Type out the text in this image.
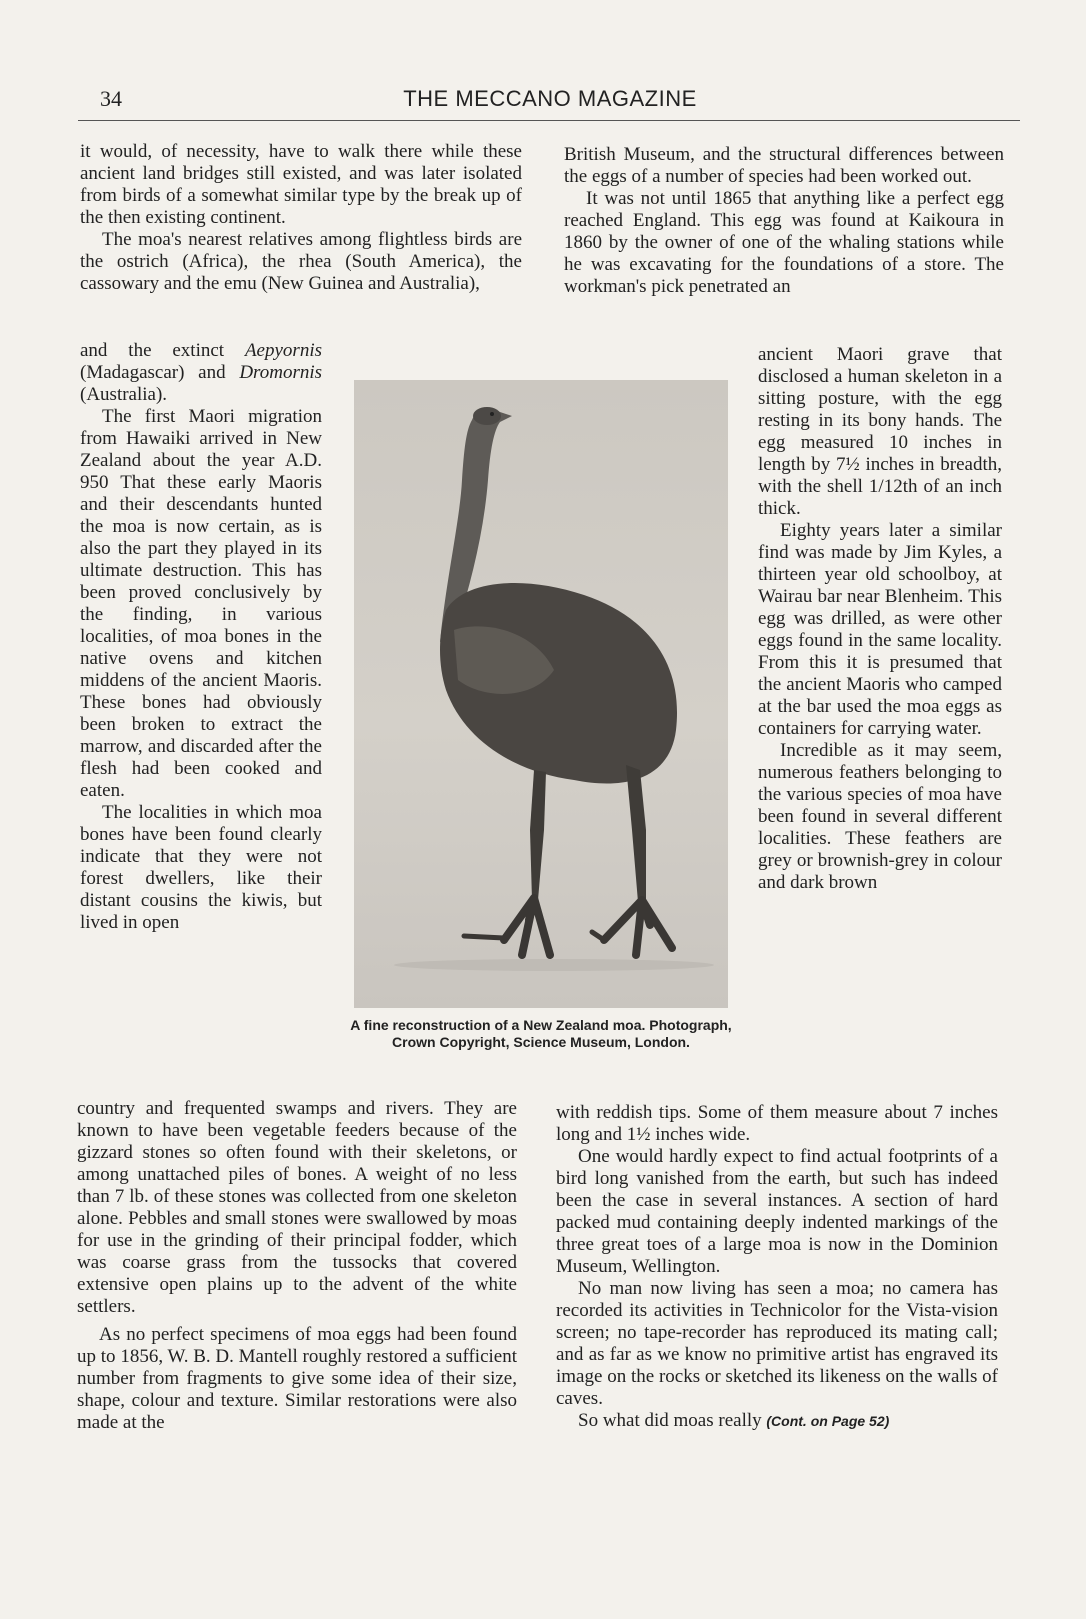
34	THE MECCANO MAGAZINE

it would, of necessity, have to walk there while these ancient land bridges still existed, and was later isolated from birds of a somewhat similar type by the break up of the then existing continent.

The moa's nearest relatives among flightless birds are the ostrich (Africa), the rhea (South America), the cassowary and the emu (New Guinea and Australia),

and the extinct Aepyornis (Madagascar) and Dromornis (Australia).

The first Maori migration from Hawaiki arrived in New Zealand about the year A.D. 950 That these early Maoris and their descendants hunted the moa is now certain, as is also the part they played in its ultimate destruction. This has been proved conclusively by the finding, in various localities, of moa bones in the native ovens and kitchen middens of the ancient Maoris. These bones had obviously been broken to extract the marrow, and discarded after the flesh had been cooked and eaten.

The localities in which moa bones have been found clearly indicate that they were not forest dwellers, like their distant cousins the kiwis, but lived in open

country and frequented swamps and rivers. They are known to have been vegetable feeders because of the gizzard stones so often found with their skeletons, or among unattached piles of bones. A weight of no less than 7 lb. of these stones was collected from one skeleton alone. Pebbles and small stones were swallowed by moas for use in the grinding of their principal fodder, which was coarse grass from the tussocks that covered extensive open plains up to the advent of the white settlers.

As no perfect specimens of moa eggs had been found up to 1856, W. B. D. Mantell roughly restored a sufficient number from fragments to give some idea of their size, shape, colour and texture. Similar restorations were also made at the

A fine reconstruction of a New Zealand moa. Photograph, Crown Copyright, Science Museum, London.

British Museum, and the structural differences between the eggs of a number of species had been worked out.

It was not until 1865 that anything like a perfect egg reached England. This egg was found at Kaikoura in 1860 by the owner of one of the whaling stations while he was excavating for the foundations of a store. The workman's pick penetrated an

ancient Maori grave that disclosed a human skeleton in a sitting posture, with the egg resting in its bony hands. The egg measured 10 inches in length by 7½ inches in breadth, with the shell 1/12th of an inch thick.

Eighty years later a similar find was made by Jim Kyles, a thirteen year old schoolboy, at Wairau bar near Blenheim. This egg was drilled, as were other eggs found in the same locality. From this it is presumed that the ancient Maoris who camped at the bar used the moa eggs as containers for carrying water.

Incredible as it may seem, numerous feathers belonging to the various species of moa have been found in several different localities. These feathers are grey or brownish-grey in colour and dark brown

with reddish tips. Some of them measure about 7 inches long and 1½ inches wide.

One would hardly expect to find actual footprints of a bird long vanished from the earth, but such has indeed been the case in several instances. A section of hard packed mud containing deeply indented markings of the three great toes of a large moa is now in the Dominion Museum, Wellington.

No man now living has seen a moa; no camera has recorded its activities in Technicolor for the Vista-vision screen; no tape-recorder has reproduced its mating call; and as far as we know no primitive artist has engraved its image on the rocks or sketched its likeness on the walls of caves.

So what did moas really (Cont. on Page 52)
